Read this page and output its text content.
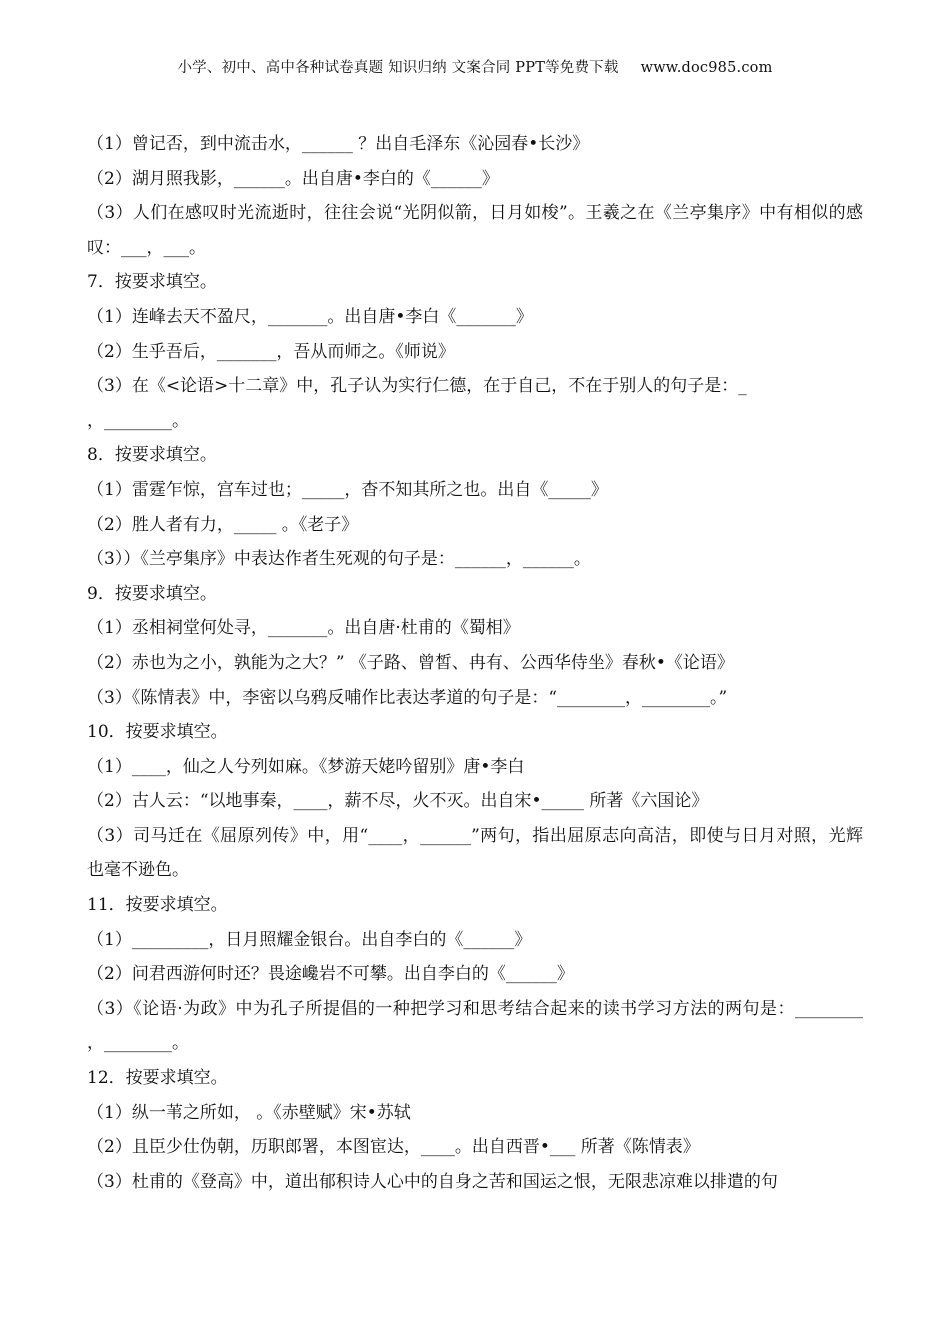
小学、初中、高中各种试卷真题 知识归纳 文案合同 PPT等免费下载 www.doc985.com
（1）曾记否，到中流击水，______ ？出自毛泽东《沁园春•长沙》
（2）湖月照我影，______。出自唐•李白的《______》
（3）人们在感叹时光流逝时，往往会说“光阴似箭，日月如梭”。王羲之在《兰亭集序》中有相似的感叹：___，___。
7．按要求填空。
（1）连峰去天不盈尺，_______。出自唐•李白《_______》
（2）生乎吾后，_______，吾从而师之。《师说》
（3）在《<论语>十二章》中，孔子认为实行仁德，在于自己，不在于别人的句子是：_
，________。
8．按要求填空。
（1）雷霆乍惊，宫车过也；_____，杳不知其所之也。出自《_____》
（2）胜人者有力，_____ 。《老子》
（3））《兰亭集序》中表达作者生死观的句子是：______，______。
9．按要求填空。
（1）丞相祠堂何处寻，_______。出自唐·杜甫的《蜀相》
（2）赤也为之小，孰能为之大？” 《子路、曾皙、冉有、公西华侍坐》春秋•《论语》
（3）《陈情表》中，李密以乌鸦反哺作比表达孝道的句子是：“________，________。”
10．按要求填空。
（1）____，仙之人兮列如麻。《梦游天姥吟留别》唐•李白
（2）古人云：“以地事秦，____，薪不尽，火不灭。出自宋•_____ 所著《六国论》
（3）司马迁在《屈原列传》中，用“____，______”两句，指出屈原志向高洁，即使与日月对照，光辉也毫不逊色。
11．按要求填空。
（1）_________，日月照耀金银台。出自李白的《______》
（2）问君西游何时还？畏途巉岩不可攀。出自李白的《______》
（3）《论语·为政》中为孔子所提倡的一种把学习和思考结合起来的读书学习方法的两句是：________ ，________。
12．按要求填空。
（1）纵一苇之所如， 。《赤壁赋》宋•苏轼
（2）且臣少仕伪朝，历职郎署，本图宦达，____。出自西晋•___ 所著《陈情表》
（3）杜甫的《登高》中，道出郁积诗人心中的自身之苦和国运之恨，无限悲凉难以排遣的句
